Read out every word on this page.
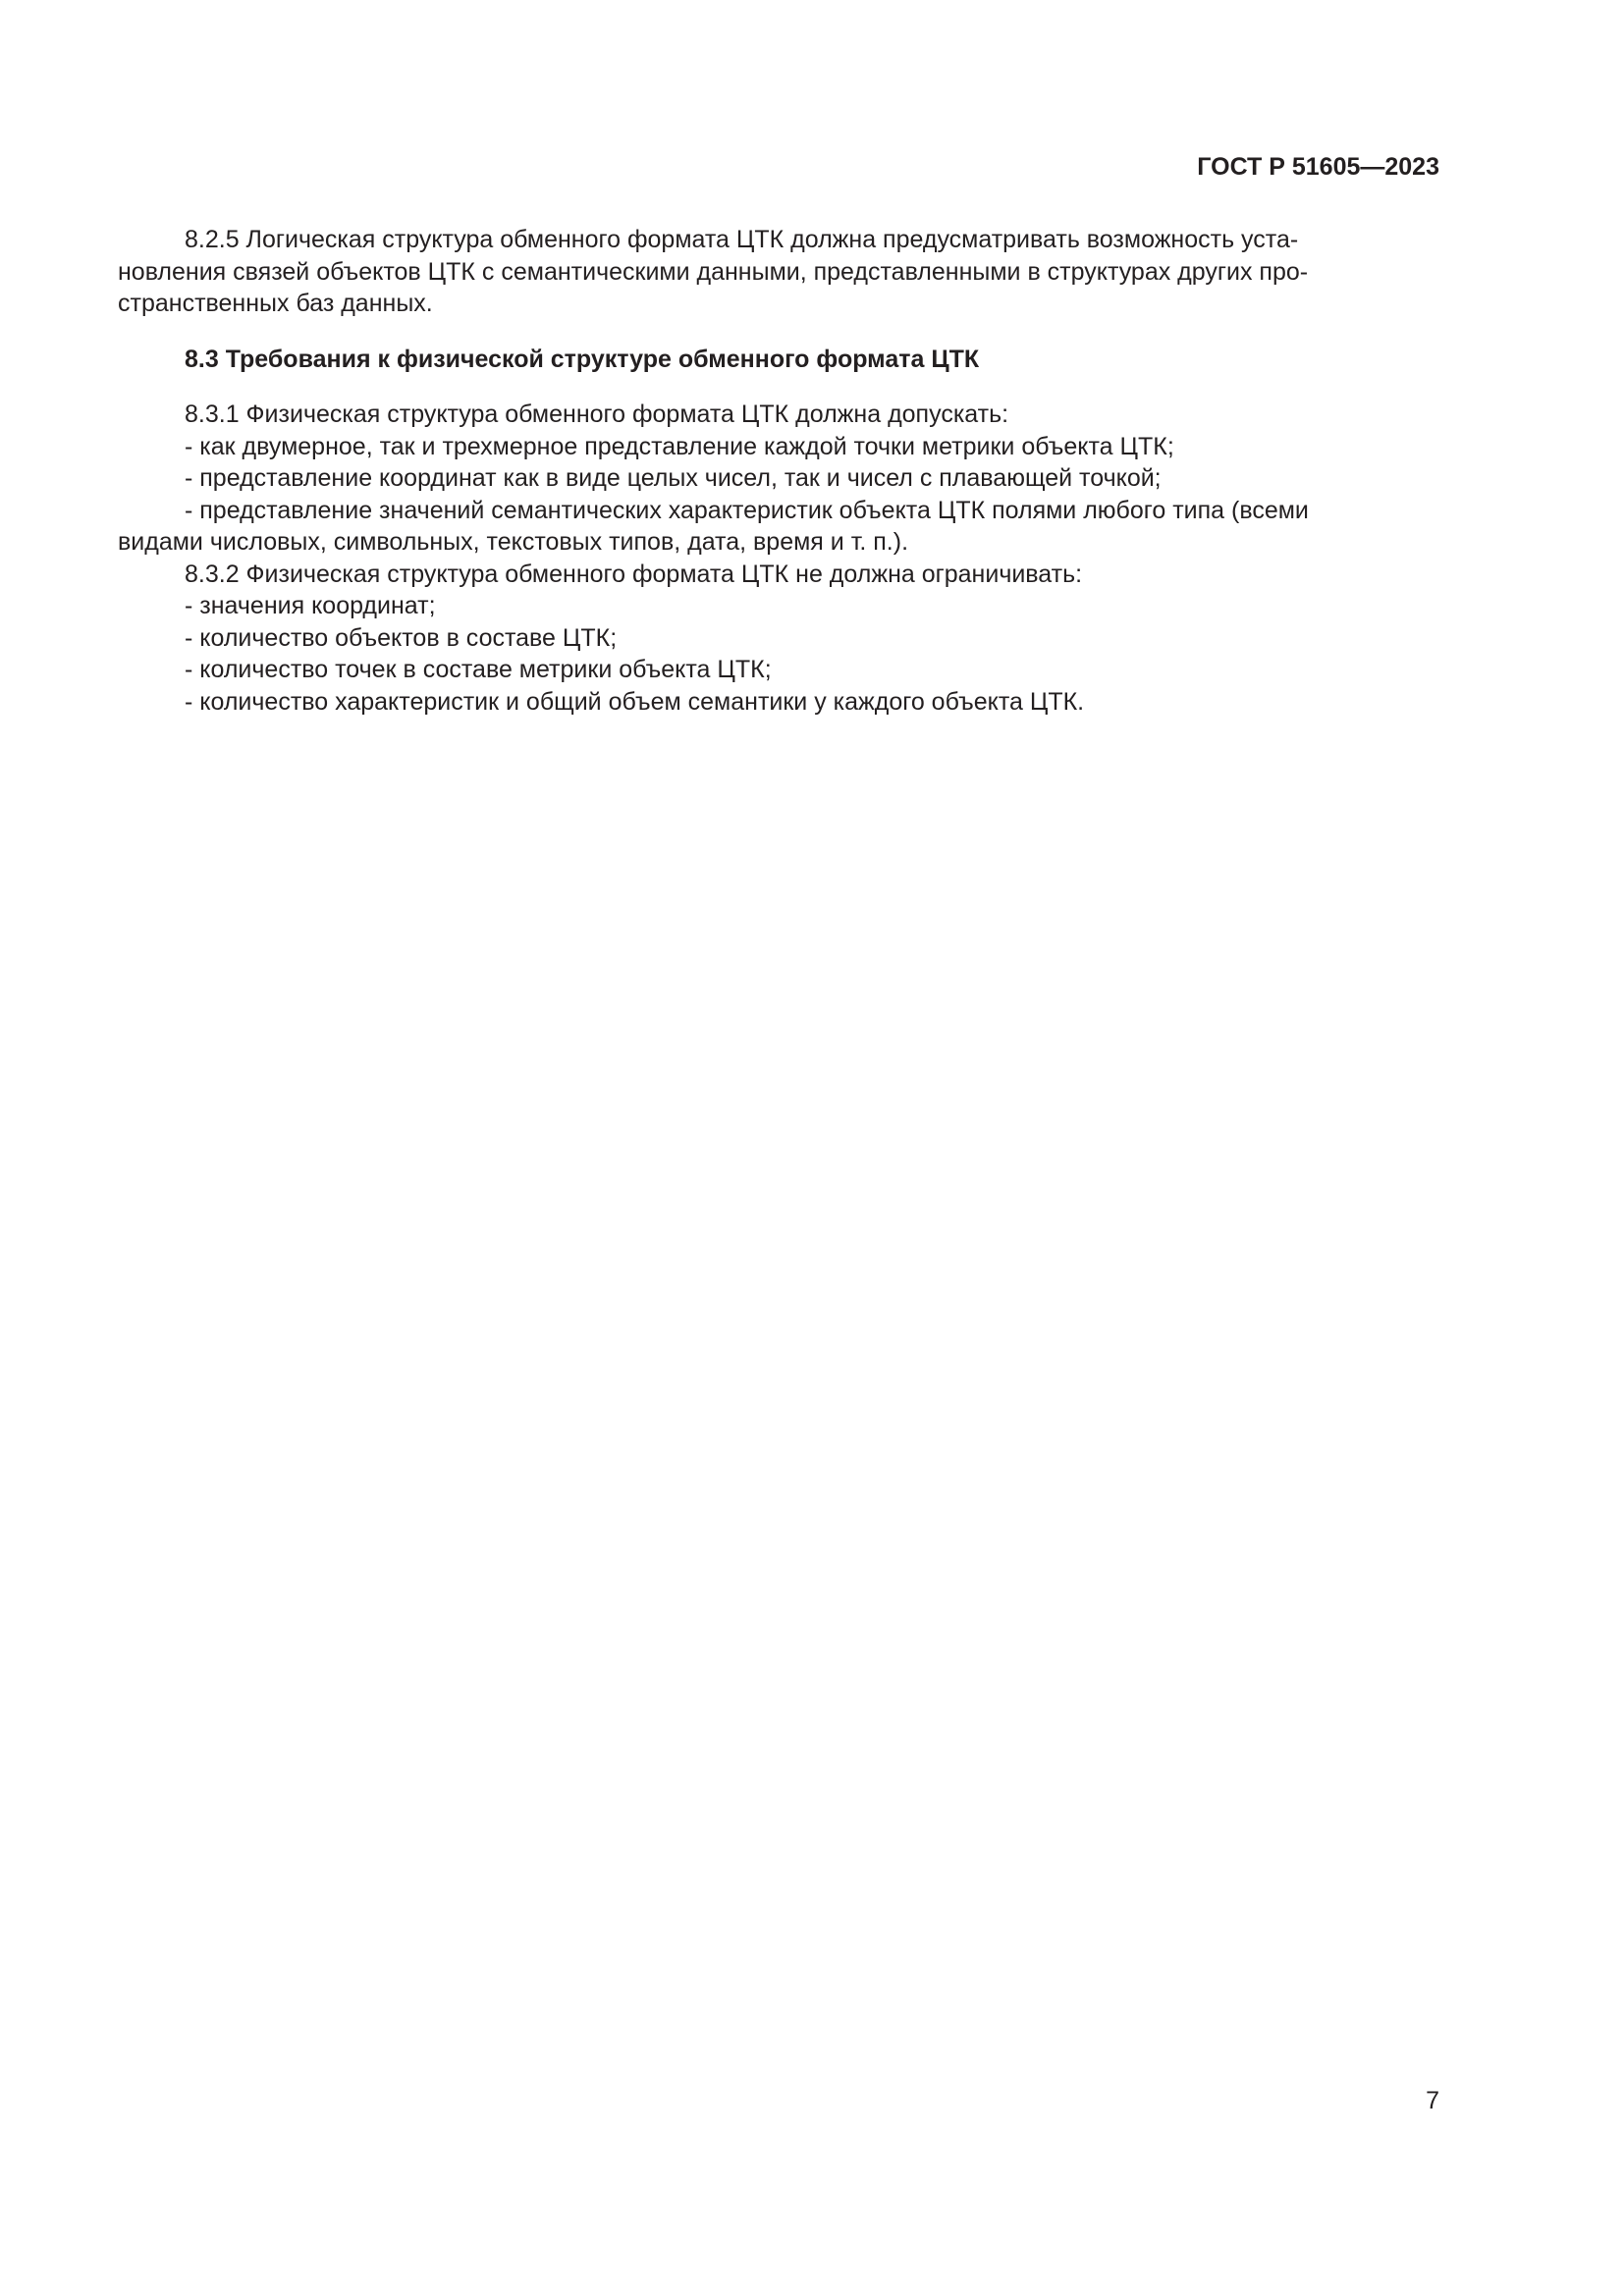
ГОСТ Р 51605—2023

8.2.5 Логическая структура обменного формата ЦТК должна предусматривать возможность уста-

новления связей объектов ЦТК с семантическими данными, представленными в структурах других про-

странственных баз данных.

8.3 Требования к физической структуре обменного формата ЦТК

8.3.1 Физическая структура обменного формата ЦТК должна допускать:

- как двумерное, так и трехмерное представление каждой точки метрики объекта ЦТК;

- представление координат как в виде целых чисел, так и чисел с плавающей точкой;

- представление значений семантических характеристик объекта ЦТК полями любого типа (всеми

видами числовых, символьных, текстовых типов, дата, время и т. п.).

8.3.2 Физическая структура обменного формата ЦТК не должна ограничивать:

- значения координат;

- количество объектов в составе ЦТК;

- количество точек в составе метрики объекта ЦТК;

- количество характеристик и общий объем семантики у каждого объекта ЦТК.

7
